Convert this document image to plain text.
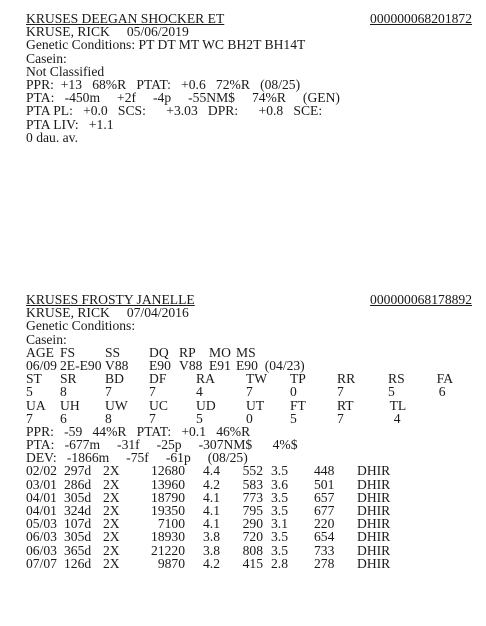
KRUSES DEEGAN SHOCKER ET	000000068201872
KRUSE, RICK 05/06/2019
Genetic Conditions: PT DT MT WC BH2T BH14T
Casein:
Not Classified
PPR:  +13   68%R   PTAT:   +0.6   72%R   (08/25)
PTA:   -450m     +2f     -4p     -55NM$     74%R     (GEN)
PTA PL:   +0.0   SCS:      +3.03   DPR:      +0.8   SCE:
PTA LIV:   +1.1
0 dau. av.
KRUSES FROSTY JANELLE	000000068178892
KRUSE, RICK 07/04/2016
Genetic Conditions:
Casein:
AGE FS	SS	DQ RP MO MS
06/09 2E-E90 V88	E90 V88 E91 E90  (04/23)
ST	SR	BD	DF	RA	TW	TP	RR	RS FA
5	8	7	7	4	7	0	7	5	6
UA	UH	UW	UC	UD	UT	FT	RT	TL
7	6	8	7	5	0	5	7	4
PPR:   -59   44%R   PTAT:   +0.1   46%R
PTA:   -677m     -31f     -25p     -307NM$      4%$
DEV:   -1866m     -75f     -61p     (08/25)
02/02 297d 2X	12680	4.4	552 3.5	448	DHIR
03/01 286d 2X	13960	4.2	583 3.6	501	DHIR
04/01 305d 2X	18790	4.1	773 3.5	657	DHIR
04/01 324d 2X	19350	4.1	795 3.5	677	DHIR
05/03 107d 2X	7100	4.1	290 3.1	220	DHIR
06/03 305d 2X	18930	3.8	720 3.5	654	DHIR
06/03 365d 2X	21220	3.8	808 3.5	733	DHIR
07/07 126d 2X	9870	4.2	415 2.8	278	DHIR
